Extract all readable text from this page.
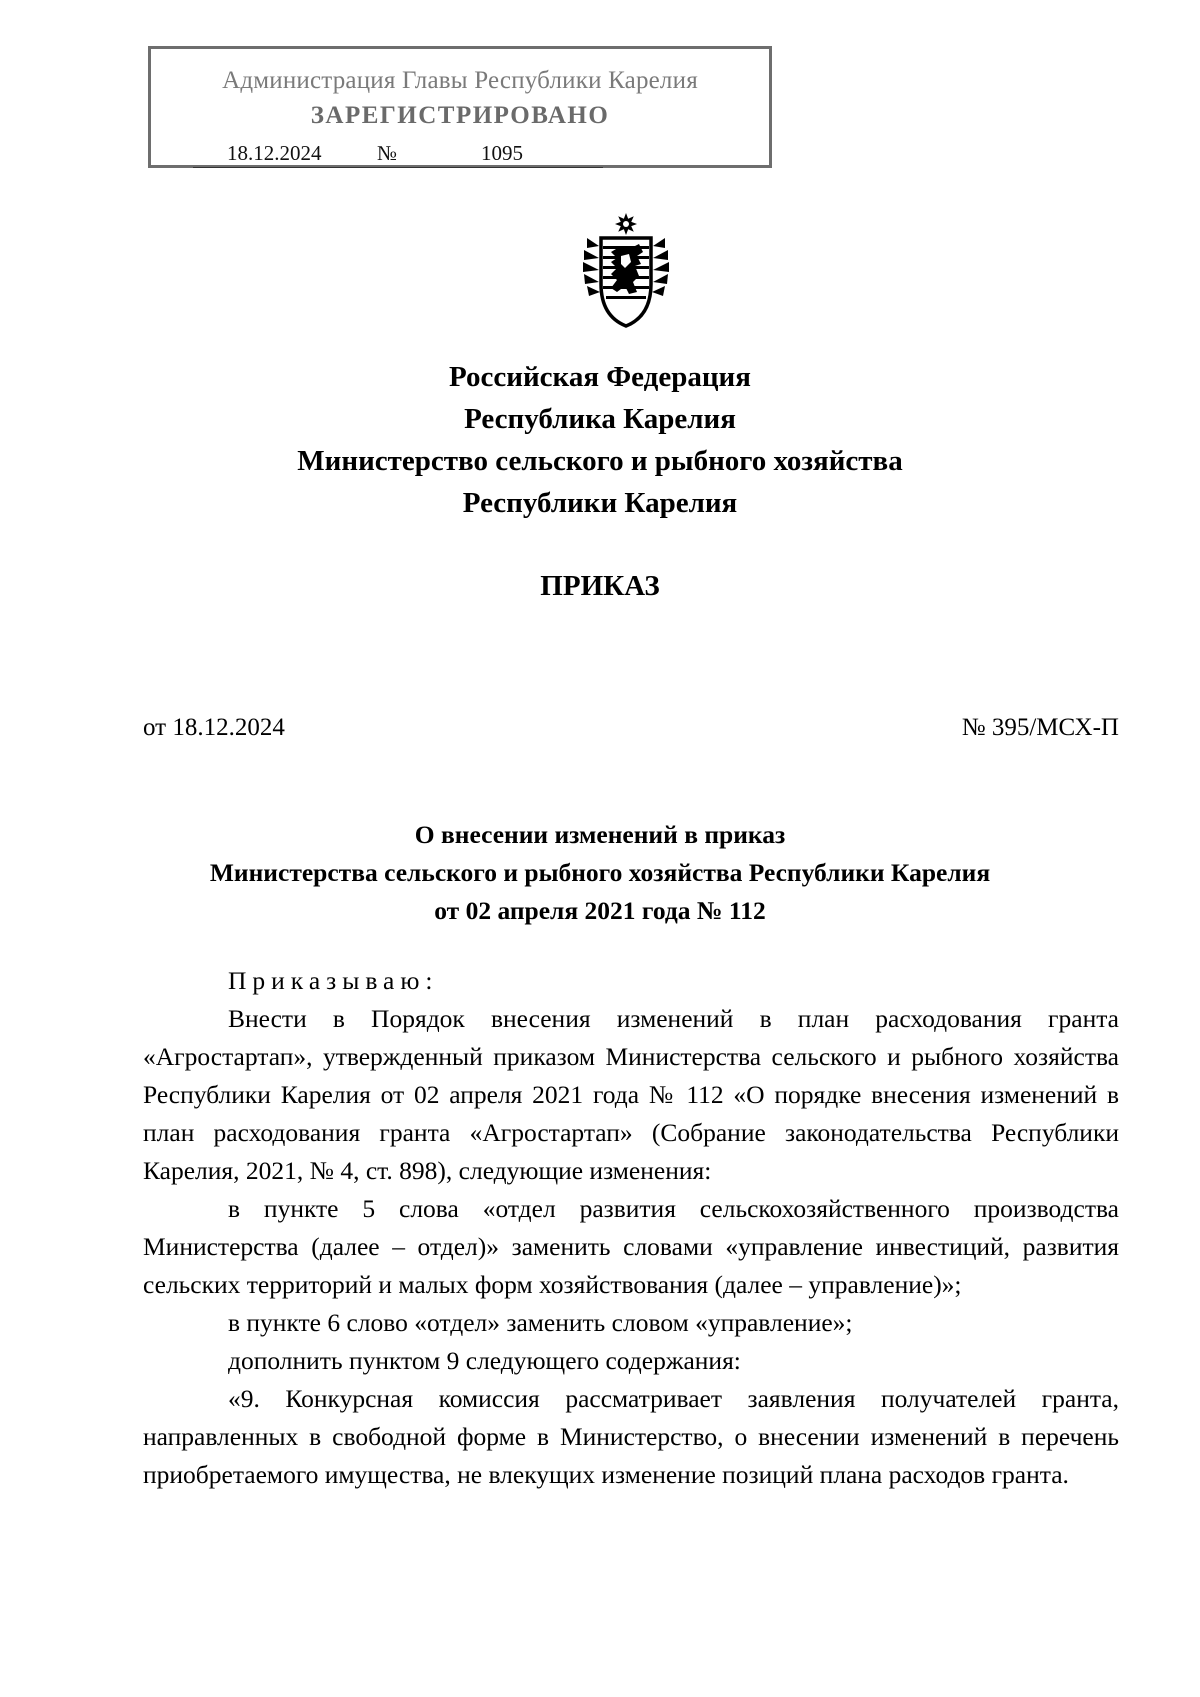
Администрация Главы Республики Карелия
ЗАРЕГИСТРИРОВАНО
18.12.2024	№	1095
Российская Федерация
Республика Карелия
Министерство сельского и рыбного хозяйства
Республики Карелия
ПРИКАЗ
от 18.12.2024	№ 395/МСХ-П
О внесении изменений в приказ
Министерства сельского и рыбного хозяйства Республики Карелия
от 02 апреля 2021 года № 112

Приказываю:

Внести в Порядок внесения изменений в план расходования гранта «Агростартап», утвержденный приказом Министерства сельского и рыбного хозяйства Республики Карелия от 02 апреля 2021 года № 112 «О порядке внесения изменений в план расходования гранта «Агростартап» (Собрание законодательства Республики Карелия, 2021, № 4, ст. 898), следующие изменения:

в пункте 5 слова «отдел развития сельскохозяйственного производства Министерства (далее – отдел)» заменить словами «управление инвестиций, развития сельских территорий и малых форм хозяйствования (далее – управление)»;

в пункте 6 слово «отдел» заменить словом «управление»;

дополнить пунктом 9 следующего содержания:

«9. Конкурсная комиссия рассматривает заявления получателей гранта, направленных в свободной форме в Министерство, о внесении изменений в перечень приобретаемого имущества, не влекущих изменение позиций плана расходов гранта.
